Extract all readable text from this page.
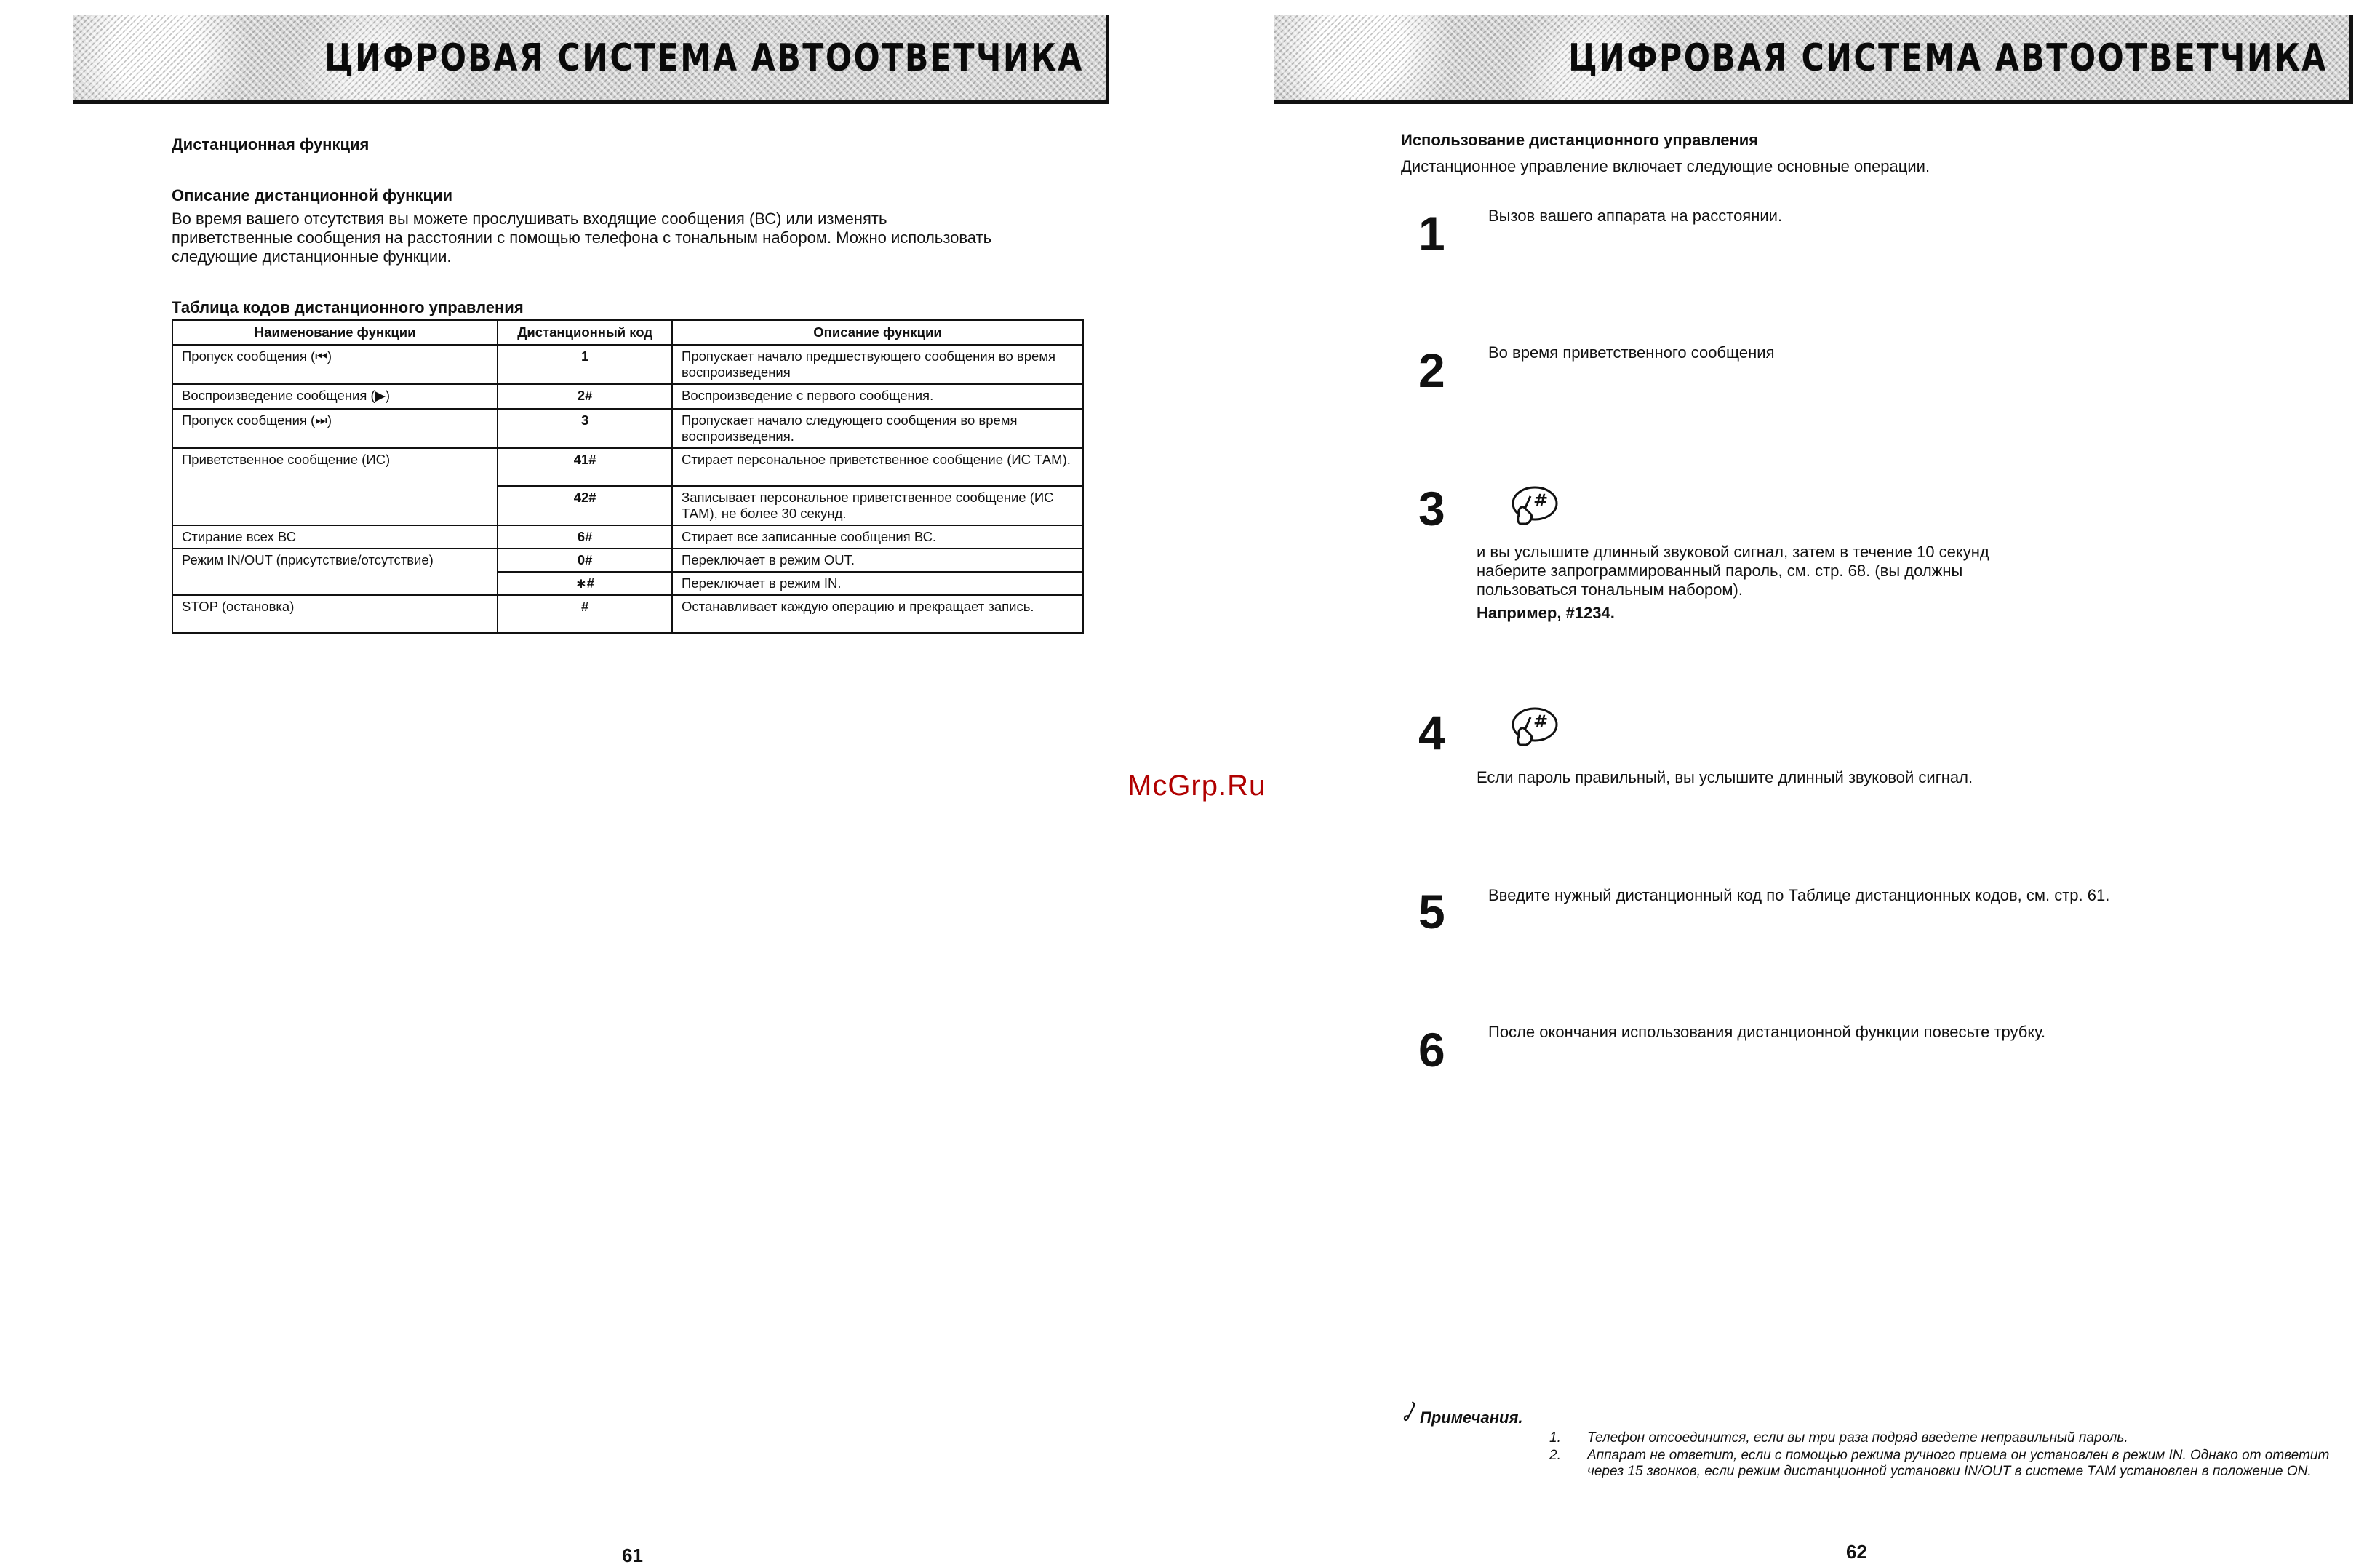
ЦИФРОВАЯ СИСТЕМА АВТООТВЕТЧИКА	ЦИФРОВАЯ СИСТЕМА АВТООТВЕТЧИКА
Дистанционная функция
Описание дистанционной функции
Во время вашего отсутствия вы можете прослушивать входящие сообщения (ВС) или изменять приветственные сообщения на расстоянии с помощью телефона с тональным набором. Можно использовать следующие дистанционные функции.
Таблица кодов дистанционного управления
Наименование функции	Дистанционный код	Описание функции
Пропуск сообщения (⏮)	1	Пропускает начало предшествующего сообщения во время воспроизведения
Воспроизведение сообщения (▶)	2#	Воспроизведение с первого сообщения.
Пропуск сообщения (⏭)	3	Пропускает начало следующего сообщения во время воспроизведения.
Приветственное сообщение (ИС)	41#	Стирает персональное приветственное сообщение (ИС ТАМ).
	42#	Записывает персональное приветственное сообщение (ИС ТАМ), не более 30 секунд.
Стирание всех ВС	6#	Стирает все записанные сообщения ВС.
Режим IN/OUT (присутствие/отсутствие)	0#	Переключает в режим OUT.
	∗#	Переключает в режим IN.
STOP (остановка)	#	Останавливает каждую операцию и прекращает запись.
McGrp.Ru
61
Использование дистанционного управления
Дистанционное управление включает следующие основные операции.
1	Вызов вашего аппарата на расстоянии.
2	Во время приветственного сообщения
3	#
и вы услышите длинный звуковой сигнал, затем в течение 10 секунд наберите запрограммированный пароль, см. стр. 68. (вы должны пользоваться тональным набором).
Например, #1234.
4	#
Если пароль правильный, вы услышите длинный звуковой сигнал.
5	Введите нужный дистанционный код по Таблице дистанционных кодов, см. стр. 61.
6	После окончания использования дистанционной функции повесьте трубку.
Примечания.
1.	Телефон отсоединится, если вы три раза подряд введете неправильный пароль.
2.	Аппарат не ответит, если с помощью режима ручного приема он установлен в режим IN. Однако от ответит через 15 звонков, если режим дистанционной установки IN/OUT в системе ТАМ установлен в положение ON.
62
